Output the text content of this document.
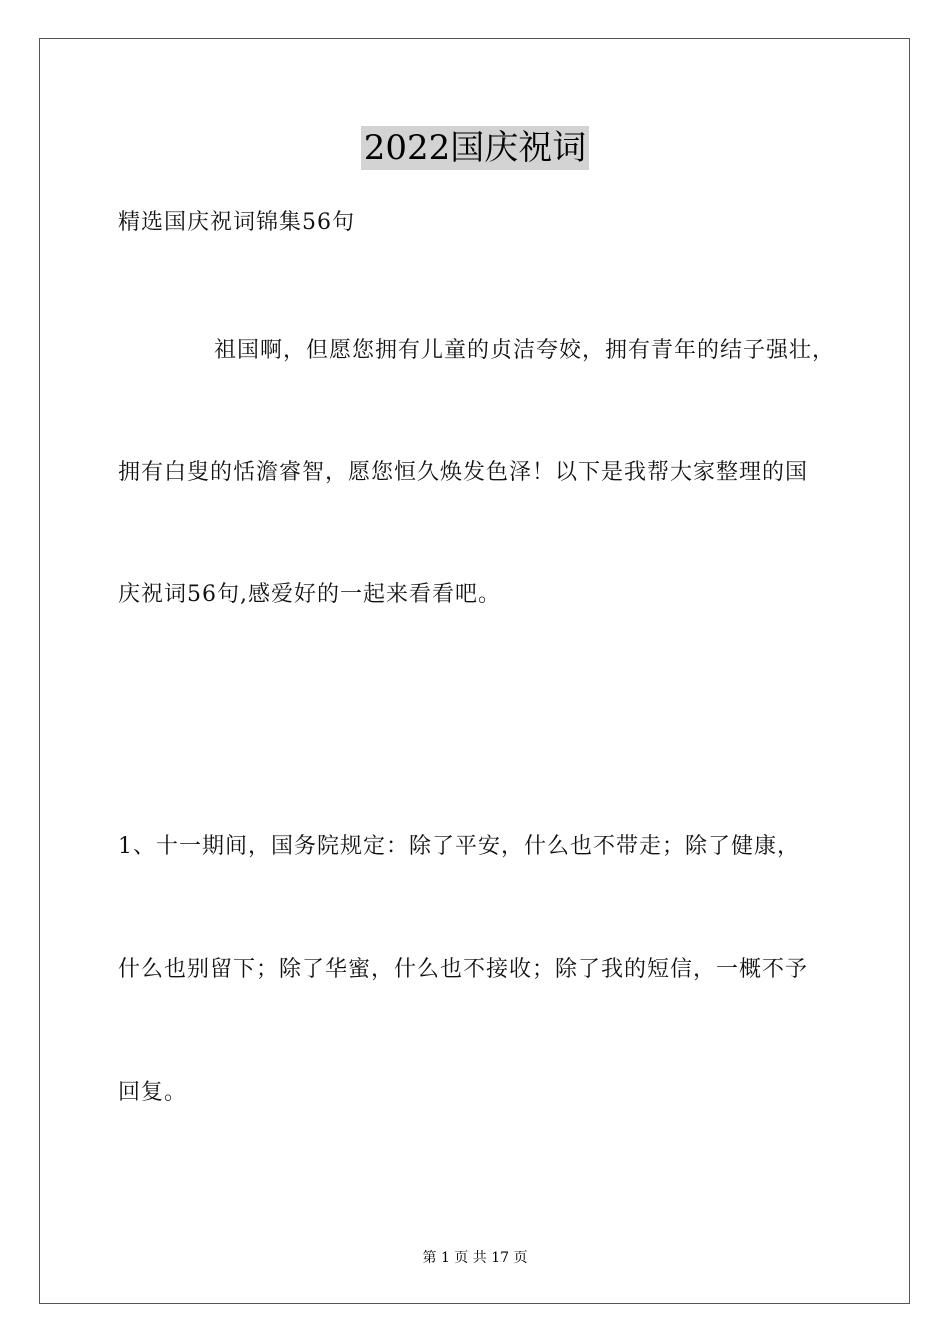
2022国庆祝词
精选国庆祝词锦集56句
祖国啊，但愿您拥有儿童的贞洁夸姣，拥有青年的结子强壮，
拥有白叟的恬澹睿智，愿您恒久焕发色泽！以下是我帮大家整理的国
庆祝词56句,感爱好的一起来看看吧。
1、十一期间，国务院规定：除了平安，什么也不带走；除了健康，
什么也别留下；除了华蜜，什么也不接收；除了我的短信，一概不予
回复。
第 1 页 共 17 页
